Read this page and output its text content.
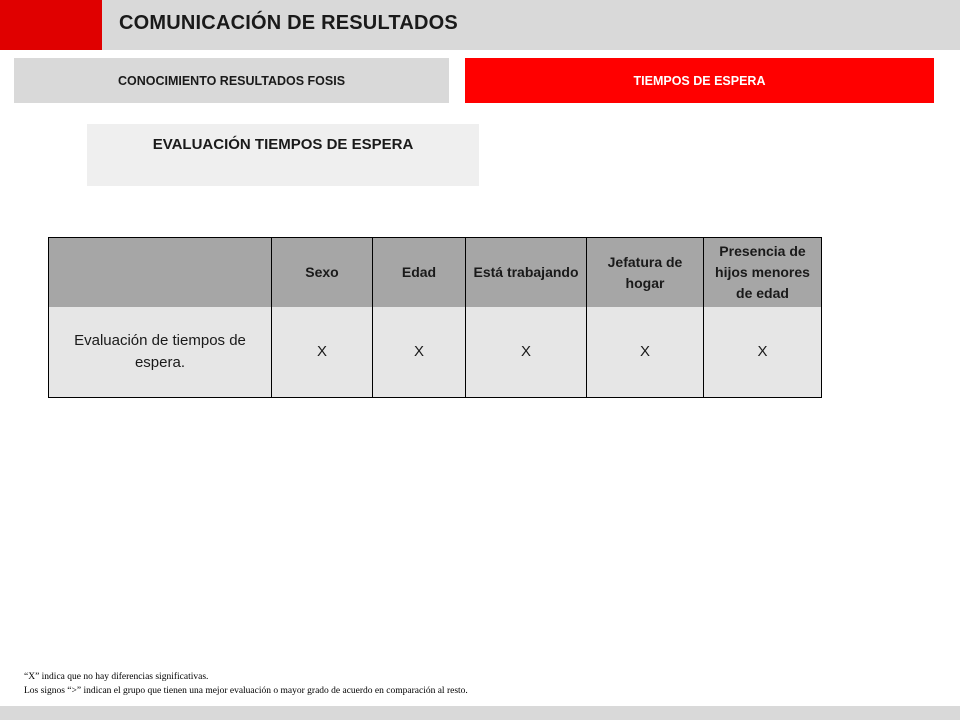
COMUNICACIÓN DE RESULTADOS
CONOCIMIENTO RESULTADOS FOSIS	TIEMPOS DE ESPERA
EVALUACIÓN TIEMPOS DE ESPERA
	Sexo	Edad	Está trabajando	Jefatura de hogar	Presencia de hijos menores de edad
Evaluación de tiempos de espera.	X	X	X	X	X
“X” indica que no hay diferencias significativas.
Los signos “>” indican el grupo que tienen una mejor evaluación o mayor grado de acuerdo en comparación al resto.
